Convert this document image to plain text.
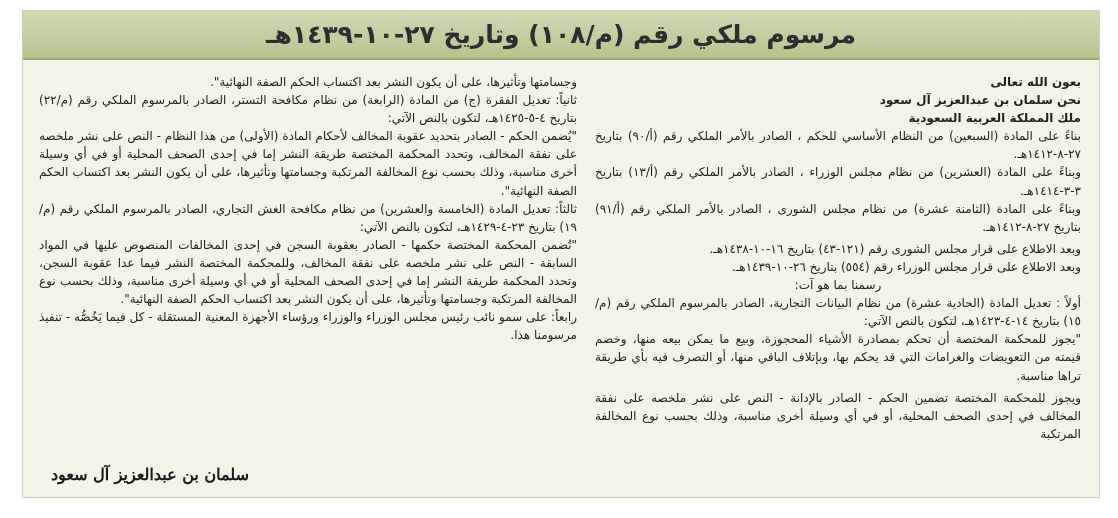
مرسوم ملكي رقم (م/١٠٨) وتاريخ ٢٧-١٠-١٤٣٩هـ

بعون الله تعالى

نحن سلمان بن عبدالعزيز آل سعود

ملك المملكة العربية السعودية

بناءً على المادة (السبعين) من النظام الأساسي للحكم ، الصادر بالأمر الملكي رقم (أ/٩٠) بتاريخ ٢٧-٨-١٤١٢هـ.

وبناءً على المادة (العشرين) من نظام مجلس الوزراء ، الصادر بالأمر الملكي رقم (أ/١٣) بتاريخ ٣-٣-١٤١٤هـ.

وبناءً على المادة (الثامنة عشرة) من نظام مجلس الشورى ، الصادر بالأمر الملكي رقم (أ/٩١) بتاريخ ٢٧-٨-١٤١٢هـ.

وبعد الاطلاع على قرار مجلس الشورى رقم (١٢١-٤٣) بتاريخ ١٦-١٠-١٤٣٨هـ.

وبعد الاطلاع على قرار مجلس الوزراء رقم (٥٥٤) بتاريخ ٢٦-١٠-١٤٣٩هـ.

رسمنا بما هو آت:

أولاً : تعديل المادة (الحادية عشرة) من نظام البيانات التجارية، الصادر بالمرسوم الملكي رقم (م/١٥) بتاريخ ١٤-٤-١٤٢٣هـ، لتكون بالنص الآتي:

"يجوز للمحكمة المختصة أن تحكم بمصادرة الأشياء المحجوزة، وبيع ما يمكن بيعه منها، وخصم قيمته من التعويضات والغرامات التي قد يحكم بها، وبإتلاف الباقي منها، أو التصرف فيه بأي طريقة تراها مناسبة.

ويجوز للمحكمة المختصة تضمين الحكم - الصادر بالإدانة - النص على نشر ملخصه على نفقة المخالف في إحدى الصحف المحلية، أو في أي وسيلة أخرى مناسبة، وذلك بحسب نوع المخالفة المرتكبة

وجسامتها وتأثيرها، على أن يكون النشر بعد اكتساب الحكم الصفة النهائية".

ثانياً: تعديل الفقرة (ج) من المادة (الرابعة) من نظام مكافحة التستر، الصادر بالمرسوم الملكي رقم (م/٢٢) بتاريخ ٤-٥-١٤٢٥هـ، لتكون بالنص الآتي:

"يُضمن الحكم - الصادر بتحديد عقوبة المخالف لأحكام المادة (الأولى) من هذا النظام - النص على نشر ملخصه على نفقة المخالف، وتحدد المحكمة المختصة طريقة النشر إما في إحدى الصحف المحلية أو في أي وسيلة أخرى مناسبة، وذلك بحسب نوع المخالفة المرتكبة وجسامتها وتأثيرها، على أن يكون النشر بعد اكتساب الحكم الصفة النهائية".

ثالثاً: تعديل المادة (الخامسة والعشرين) من نظام مكافحة الغش التجاري، الصادر بالمرسوم الملكي رقم (م/١٩) بتاريخ ٢٣-٤-١٤٢٩هـ، لتكون بالنص الآتي:

"تُضمن المحكمة المختصة حكمها - الصادر بعقوبة السجن في إحدى المخالفات المنصوص عليها في المواد السابقة - النص على نشر ملخصه على نفقة المخالف، وللمحكمة المختصة النشر فيما عدا عقوبة السجن، وتحدد المحكمة طريقة النشر إما في إحدى الصحف المحلية أو في أي وسيلة أخرى مناسبة، وذلك بحسب نوع المخالفة المرتكبة وجسامتها وتأثيرها، على أن يكون النشر بعد اكتساب الحكم الصفة النهائية".

رابعاً: على سمو نائب رئيس مجلس الوزراء والوزراء ورؤساء الأجهزة المعنية المستقلة - كل فيما يَخُصُّه - تنفيذ مرسومنا هذا.

سلمان بن عبدالعزيز آل سعود
